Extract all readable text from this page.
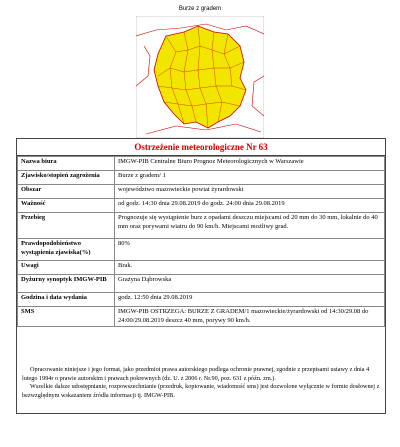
Burze z gradem
Ostrzeżenie meteorologiczne Nr 63
Nazwa biura	IMGW-PIB Centralne Biuro Prognoz Meteorologicznych w Warszawie
Zjawisko/stopień zagrożenia	Burze z gradem/ 1
Obszar	województwo mazowieckie powiat żyrardowski
Ważność	od godz. 14:30 dnia 29.08.2019 do godz. 24:00 dnia 29.08.2019
Przebieg	Prognozuje się wystąpienie burz z opadami deszczu miejscami od 20 mm do 30 mm, lokalnie do 40 mm oraz porywami wiatru do 90 km/h. Miejscami możliwy grad.
Prawdopodobieństwo wystąpienia zjawiska(%)	80%
Uwagi	Brak.
Dyżurny synoptyk IMGW-PIB	Grażyna Dąbrowska
Godzina i data wydania	godz. 12:50 dnia 29.08.2019
SMS	IMGW-PIB OSTRZEGA: BURZE Z GRADEM/1 mazowieckie/żyrardowski od 14:30/29.08 do 24:00/29.08.2019 deszcz 40 mm, porywy 90 km/h.

Opracowanie niniejsze i jego format, jako przedmiot prawa autorskiego podlega ochronie prawnej, zgodnie z przepisami ustawy z dnia 4 lutego 1994r o prawie autorskim i prawach pokrewnych (dz. U. z 2006 r. Nr.90, poz. 631 z późn. zm.).

Wszelkie dalsze udostępnianie, rozpowszechnianie (przedruk, kopiowanie, wiadomość sms) jest dozwolone wyłącznie w formie dosłownej z bezwzględnym wskazaniem źródła informacji tj. IMGW-PIB.
